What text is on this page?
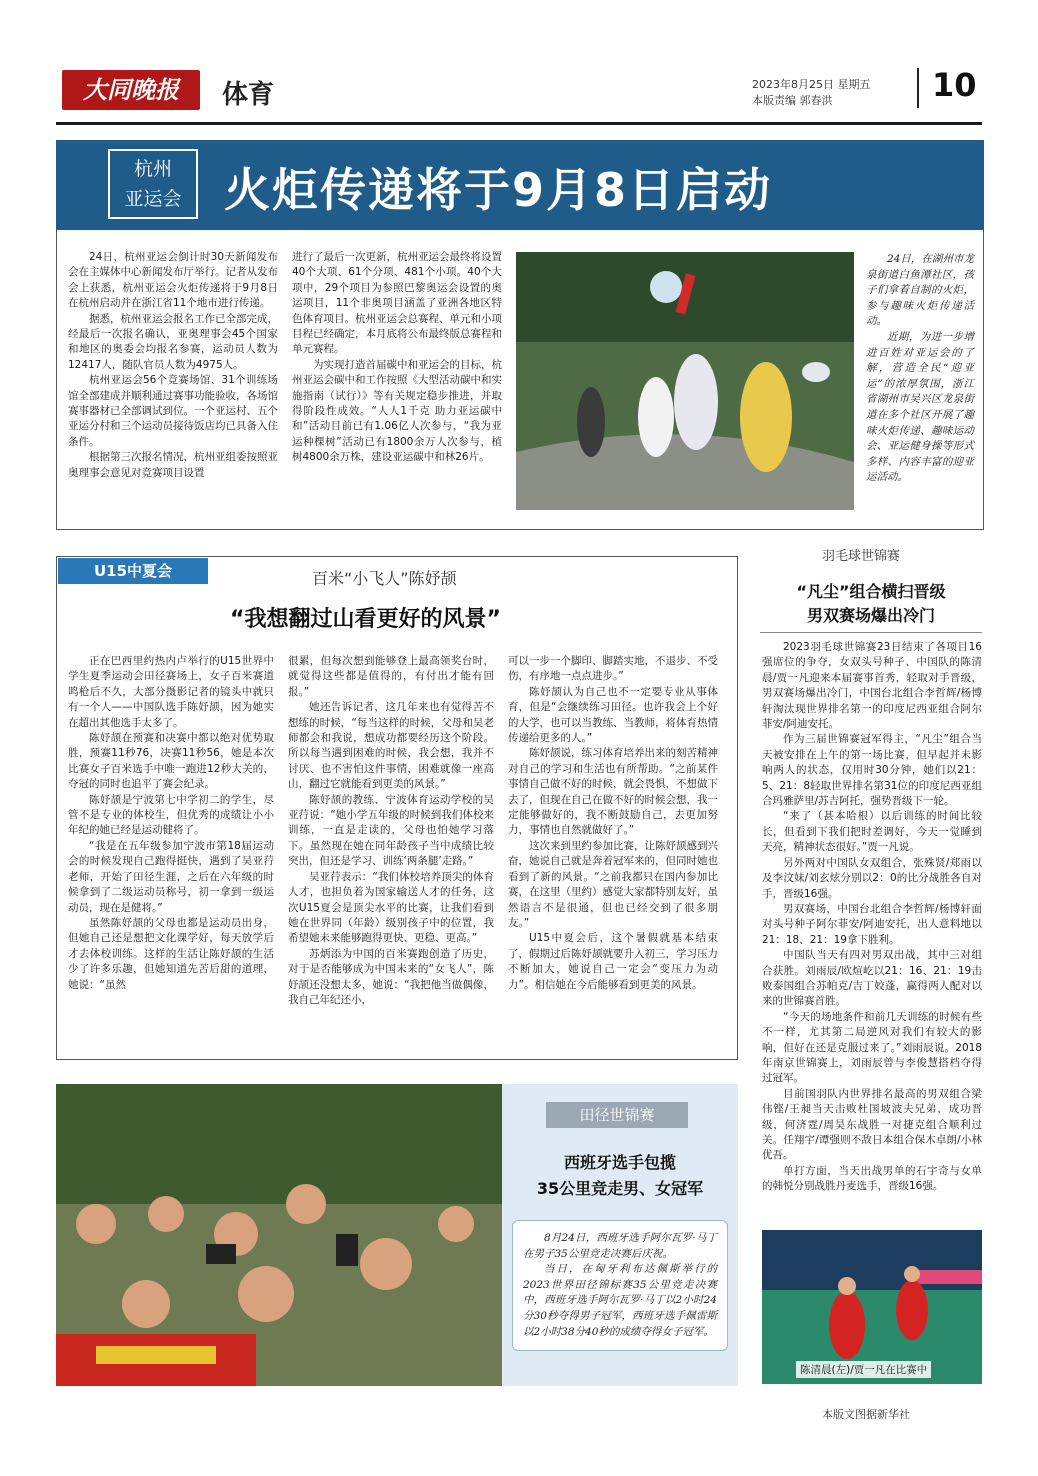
大同晚报	体育	2023年8月25日 星期五
本版责编 郭春洪	10
杭州
亚运会 火炬传递将于9月8日启动

24日，杭州亚运会倒计时30天新闻发布会在主媒体中心新闻发布厅举行。记者从发布会上获悉，杭州亚运会火炬传递将于9月8日在杭州启动并在浙江省11个地市进行传递。

据悉，杭州亚运会报名工作已全部完成，经最后一次报名确认，亚奥理事会45个国家和地区的奥委会均报名参赛，运动员人数为12417人，随队官员人数为4975人。

杭州亚运会56个竞赛场馆、31个训练场馆全部建成并顺利通过赛事功能验收，各场馆赛事器材已全部调试到位。一个亚运村、五个亚运分村和三个运动员接待饭店均已具备入住条件。

根据第三次报名情况，杭州亚组委按照亚奥理事会意见对竞赛项目设置

进行了最后一次更新，杭州亚运会最终将设置40个大项、61个分项、481个小项。40个大项中，29个项目为参照巴黎奥运会设置的奥运项目，11个非奥项目涵盖了亚洲各地区特色体育项目。杭州亚运会总赛程、单元和小项目程已经确定，本月底将公布最终版总赛程和单元赛程。

为实现打造首届碳中和亚运会的目标，杭州亚运会碳中和工作按照《大型活动碳中和实施指南（试行）》等有关规定稳步推进，并取得阶段性成效。“人人1千克 助力亚运碳中和”活动目前已有1.06亿人次参与，“我为亚运种棵树”活动已有1800余万人次参与，植树4800余万株，建设亚运碳中和林26片。

24日，在湖州市龙泉街道白鱼潭社区，孩子们拿着自制的火炬，参与趣味火炬传递活动。

近期，为进一步增进百姓对亚运会的了解，营造全民“迎亚运”的浓厚氛围，浙江省湖州市吴兴区龙泉街道在多个社区开展了趣味火炬传递、趣味运动会、亚运健身操等形式多样、内容丰富的迎亚运活动。

U15中夏会	百米“小飞人”陈妤颉
“我想翻过山看更好的风景”

正在巴西里约热内卢举行的U15世界中学生夏季运动会田径赛场上，女子百米赛道鸣枪后不久，大部分摄影记者的镜头中就只有一个人——中国队选手陈妤颉，因为她实在超出其他选手太多了。

陈妤颉在预赛和决赛中都以绝对优势取胜，预赛11秒76，决赛11秒56，她是本次比赛女子百米选手中唯一跑进12秒大关的，夺冠的同时也追平了赛会纪录。

陈妤颉是宁波第七中学初二的学生，尽管不是专业的体校生，但优秀的成绩让小小年纪的她已经是运动健将了。

“我是在五年级参加宁波市第18届运动会的时候发现自己跑得挺快，遇到了吴亚荇老师，开始了田径生涯，之后在六年级的时候拿到了二级运动员称号，初一拿到一级运动员，现在是健将。”

虽然陈妤颉的父母也都是运动员出身，但她自己还是想把文化课学好，每天放学后才去体校训练。这样的生活让陈妤颉的生活少了许多乐趣，但她知道先苦后甜的道理，她说：“虽然

很累，但每次想到能够登上最高领奖台时，就觉得这些都是值得的，有付出才能有回报。”

她还告诉记者，这几年来也有觉得苦不想练的时候，“每当这样的时候，父母和吴老师都会和我说，想成功都要经历这个阶段。所以每当遇到困难的时候，我会想，我并不讨厌、也不害怕这件事情，困难就像一座高山，翻过它就能看到更美的风景。”

陈妤颉的教练、宁波体育运动学校的吴亚荇说：“她小学五年级的时候到我们体校来训练，一直是走读的，父母也怕她学习落下。虽然现在她在同年龄孩子当中成绩比较突出，但还是学习、训练‘两条腿’走路。”

吴亚荇表示：“我们体校培养顶尖的体育人才，也担负着为国家输送人才的任务，这次U15夏会是顶尖水平的比赛，让我们看到她在世界同（年龄）级别孩子中的位置，我希望她未来能够跑得更快、更稳、更高。”

苏炳添为中国的百米赛跑创造了历史，对于是否能够成为中国未来的“女飞人”，陈妤颉还没想太多，她说：“我把他当做偶像，我自己年纪还小，

可以一步一个脚印、脚踏实地，不退步、不受伤，有序地一点点进步。”

陈妤颉认为自己也不一定要专业从事体育，但是“会继续练习田径。也许我会上个好的大学，也可以当教练、当教师，将体育热情传递给更多的人。”

陈妤颉说，练习体育培养出来的刻苦精神对自己的学习和生活也有所帮助。“之前某件事情自己做不好的时候，就会畏惧，不想做下去了，但现在自己在做不好的时候会想，我一定能够做好的，我不断鼓励自己，去更加努力，事情也自然就做好了。”

这次来到里约参加比赛，让陈妤颉感到兴奋，她说自己就是奔着冠军来的，但同时她也看到了新的风景。“之前我都只在国内参加比赛，在这里（里约）感觉大家都特别友好，虽然语言不是很通，但也已经交到了很多朋友。”

U15中夏会后，这个暑假就基本结束了，假期过后陈妤颉就要升入初三，学习压力不断加大，她说自己一定会“变压力为动力”。相信她在今后能够看到更美的风景。

田径世锦赛
西班牙选手包揽
35公里竞走男、女冠军

8月24日，西班牙选手阿尔瓦罗·马丁在男子35公里竞走决赛后庆祝。

当日，在匈牙利布达佩斯举行的2023世界田径锦标赛35公里竞走决赛中，西班牙选手阿尔瓦罗·马丁以2小时24分30秒夺得男子冠军，西班牙选手佩雷斯以2小时38分40秒的成绩夺得女子冠军。

羽毛球世锦赛
“凡尘”组合横扫晋级
男双赛场爆出冷门

2023羽毛球世锦赛23日结束了各项目16强席位的争夺，女双头号种子、中国队的陈清晨/贾一凡迎来本届赛事首秀，轻取对手晋级，男双赛场爆出冷门，中国台北组合李哲辉/杨博轩淘汰现世界排名第一的印度尼西亚组合阿尔菲安/阿迪安托。

作为三届世锦赛冠军得主，“凡尘”组合当天被安排在上午的第一场比赛，但早起并未影响两人的状态，仅用时30分钟，她们以21：5、21：8轻取世界排名第31位的印度尼西亚组合玛雅萨里/苏吉阿托，强势晋级下一轮。

“来了（甚本哈根）以后训练的时间比较长，但看到下我们把时差调好，今天一觉睡到天亮，精神状态很好。”贾一凡说。

另外两对中国队女双组合，张殊贤/郑雨以及李汶妹/刘玄炫分别以2：0的比分战胜各自对手，晋级16强。

男双赛场，中国台北组合李哲辉/杨博轩面对头号种子阿尔菲安/阿迪安托，出人意料地以21：18、21：19拿下胜利。

中国队当天有四对男双出战，其中三对组合获胜。刘雨辰/欧煊屹以21：16、21：19击败泰国组合苏帕克/吉丁姣蓬，赢得两人配对以来的世锦赛首胜。

“今天的场地条件和前几天训练的时候有些不一样，尤其第二局逆风对我们有较大的影响，但好在还是克服过来了。”刘雨辰说。2018年南京世锦赛上，刘雨辰曾与李俊慧搭档夺得过冠军。

目前国羽队内世界排名最高的男双组合梁伟铿/王昶当天击败杜国坡波夫兄弟，成功晋级，何济霆/周昊东战胜一对捷克组合顺利过关。任翔宇/谭强则不敌日本组合保木卓朗/小林优吾。

单打方面，当天出战男单的石宇奇与女单的韩悦分别战胜丹麦选手，晋级16强。

陈清晨(左)/贾一凡在比赛中
本版文图据新华社
